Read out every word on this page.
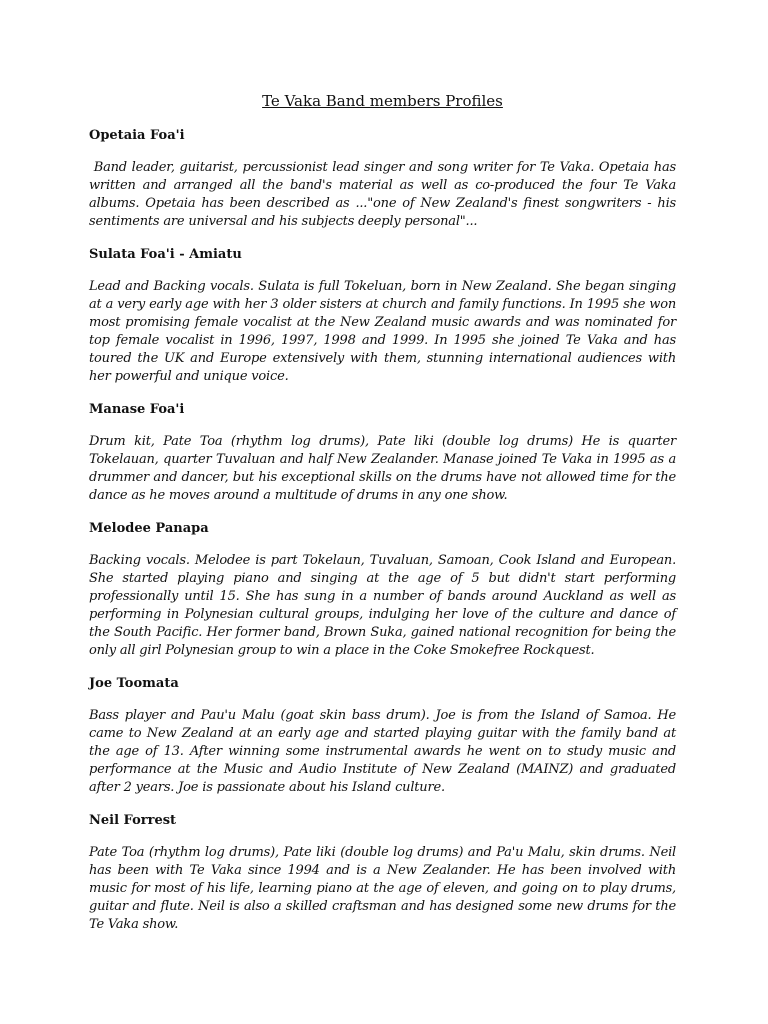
Te Vaka Band members Profiles

Opetaia Foa'i

Band leader, guitarist, percussionist lead singer and song writer for Te Vaka. Opetaia has written and arranged all the band's material as well as co-produced the four Te Vaka albums. Opetaia has been described as ..."one of New Zealand's finest songwriters - his sentiments are universal and his subjects deeply personal"...

Sulata Foa'i - Amiatu

Lead and Backing vocals. Sulata is full Tokeluan, born in New Zealand. She began singing at a very early age with her 3 older sisters at church and family functions. In 1995 she won most promising female vocalist at the New Zealand music awards and was nominated for top female vocalist in 1996, 1997, 1998 and 1999. In 1995 she joined Te Vaka and has toured the UK and Europe extensively with them, stunning international audiences with her powerful and unique voice.

Manase Foa'i

Drum kit, Pate Toa (rhythm log drums), Pate liki (double log drums) He is quarter Tokelauan, quarter Tuvaluan and half New Zealander. Manase joined Te Vaka in 1995 as a drummer and dancer, but his exceptional skills on the drums have not allowed time for the dance as he moves around a multitude of drums in any one show.

Melodee Panapa

Backing vocals. Melodee is part Tokelaun, Tuvaluan, Samoan, Cook Island and European. She started playing piano and singing at the age of 5 but didn't start performing professionally until 15. She has sung in a number of bands around Auckland as well as performing in Polynesian cultural groups, indulging her love of the culture and dance of the South Pacific. Her former band, Brown Suka, gained national recognition for being the only all girl Polynesian group to win a place in the Coke Smokefree Rockquest.

Joe Toomata

Bass player and Pau'u Malu (goat skin bass drum). Joe is from the Island of Samoa. He came to New Zealand at an early age and started playing guitar with the family band at the age of 13. After winning some instrumental awards he went on to study music and performance at the Music and Audio Institute of New Zealand (MAINZ) and graduated after 2 years. Joe is passionate about his Island culture.

Neil Forrest

Pate Toa (rhythm log drums), Pate liki (double log drums) and Pa'u Malu, skin drums. Neil has been with Te Vaka since 1994 and is a New Zealander. He has been involved with music for most of his life, learning piano at the age of eleven, and going on to play drums, guitar and flute. Neil is also a skilled craftsman and has designed some new drums for the Te Vaka show.
